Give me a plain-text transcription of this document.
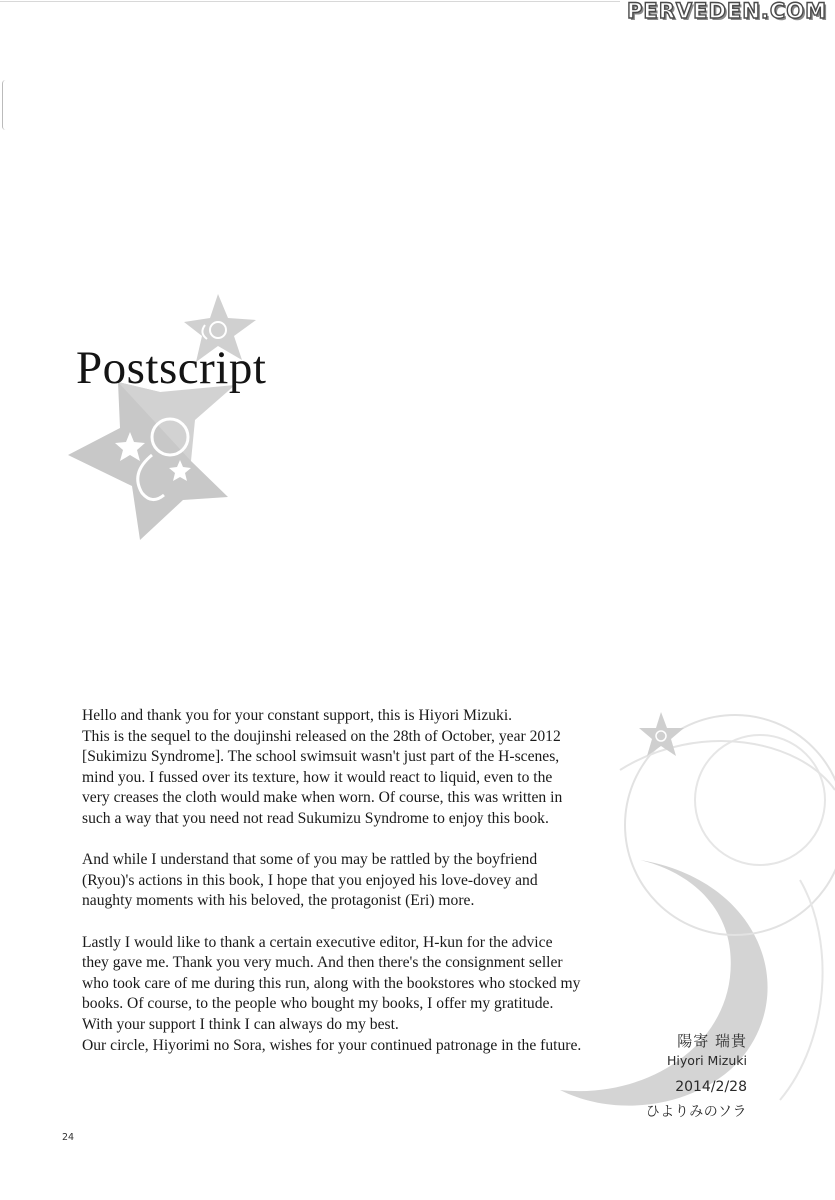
PERVEDEN.COM
Postscript

Hello and thank you for your constant support, this is Hiyori Mizuki.

This is the sequel to the doujinshi released on the 28th of October, year 2012 [Sukimizu Syndrome]. The school swimsuit wasn't just part of the H-scenes, mind you. I fussed over its texture, how it would react to liquid, even to the very creases the cloth would make when worn. Of course, this was written in such a way that you need not read Sukumizu Syndrome to enjoy this book.

And while I understand that some of you may be rattled by the boyfriend (Ryou)'s actions in this book, I hope that you enjoyed his love-dovey and naughty moments with his beloved, the protagonist (Eri) more.

Lastly I would like to thank a certain executive editor, H-kun for the advice they gave me. Thank you very much. And then there's the consignment seller who took care of me during this run, along with the bookstores who stocked my books. Of course, to the people who bought my books, I offer my gratitude. With your support I think I can always do my best.

Our circle, Hiyorimi no Sora, wishes for your continued patronage in the future.	陽寄 瑞貴
Hiyori Mizuki
2014/2/28
ひよりみのソラ
24
